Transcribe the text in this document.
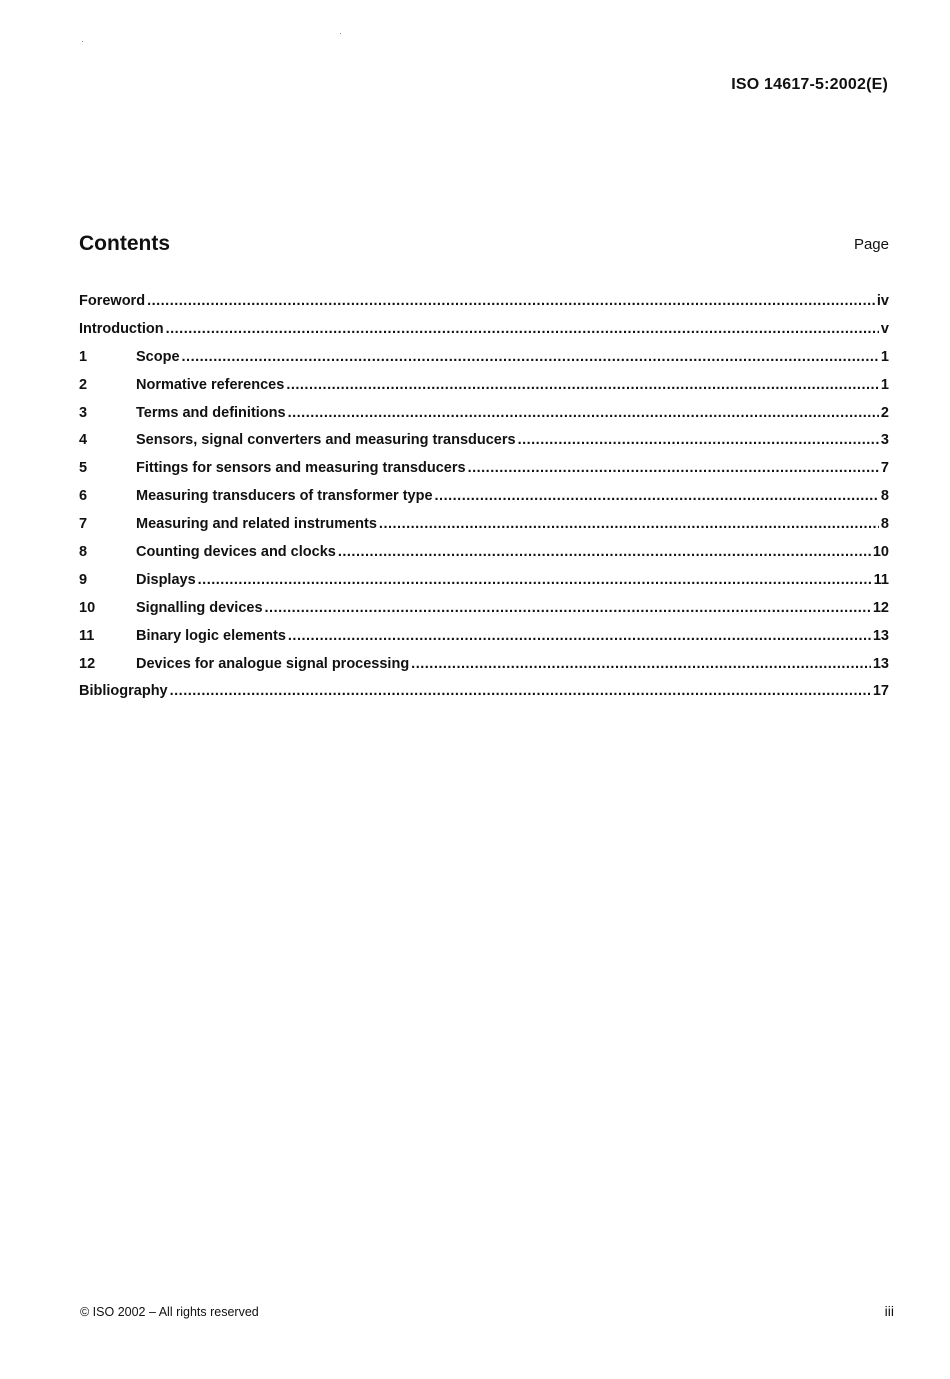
ISO 14617-5:2002(E)
Contents	Page
Foreword .....	iv
Introduction .....	v
1	Scope .....	1
2	Normative references .....	1
3	Terms and definitions .....	2
4	Sensors, signal converters and measuring transducers .....	3
5	Fittings for sensors and measuring transducers .....	7
6	Measuring transducers of transformer type .....	8
7	Measuring and related instruments .....	8
8	Counting devices and clocks .....	10
9	Displays .....	11
10	Signalling devices .....	12
11	Binary logic elements .....	13
12	Devices for analogue signal processing .....	13
Bibliography .....	17
© ISO 2002 – All rights reserved	iii
